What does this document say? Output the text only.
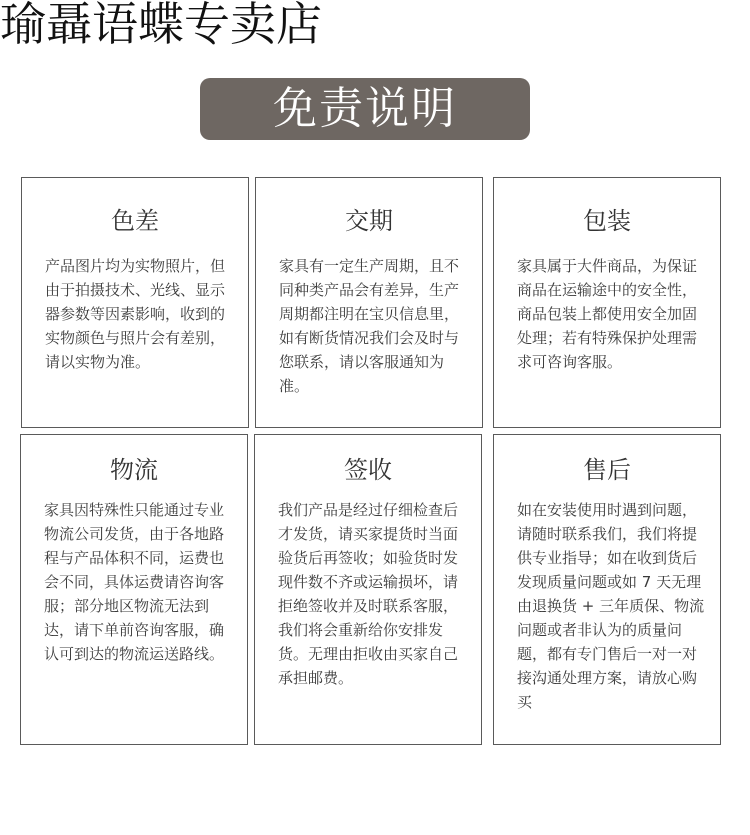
瑜聶语蝶专卖店
免责说明
色差
产品图片均为实物照片，但由于拍摄技术、光线、显示器参数等因素影响，收到的实物颜色与照片会有差别，请以实物为准。
交期
家具有一定生产周期，且不同种类产品会有差异，生产周期都注明在宝贝信息里，如有断货情况我们会及时与您联系，请以客服通知为准。
包装
家具属于大件商品，为保证商品在运输途中的安全性，商品包装上都使用安全加固处理；若有特殊保护处理需求可咨询客服。
物流
家具因特殊性只能通过专业物流公司发货，由于各地路程与产品体积不同，运费也会不同，具体运费请咨询客服；部分地区物流无法到达，请下单前咨询客服，确认可到达的物流运送路线。
签收
我们产品是经过仔细检查后才发货，请买家提货时当面验货后再签收；如验货时发现件数不齐或运输损坏，请拒绝签收并及时联系客服，我们将会重新给你安排发货。无理由拒收由买家自己承担邮费。
售后
如在安装使用时遇到问题，请随时联系我们，我们将提供专业指导；如在收到货后发现质量问题或如 7 天无理由退换货 + 三年质保、物流问题或者非认为的质量问题，都有专门售后一对一对接沟通处理方案，请放心购买
